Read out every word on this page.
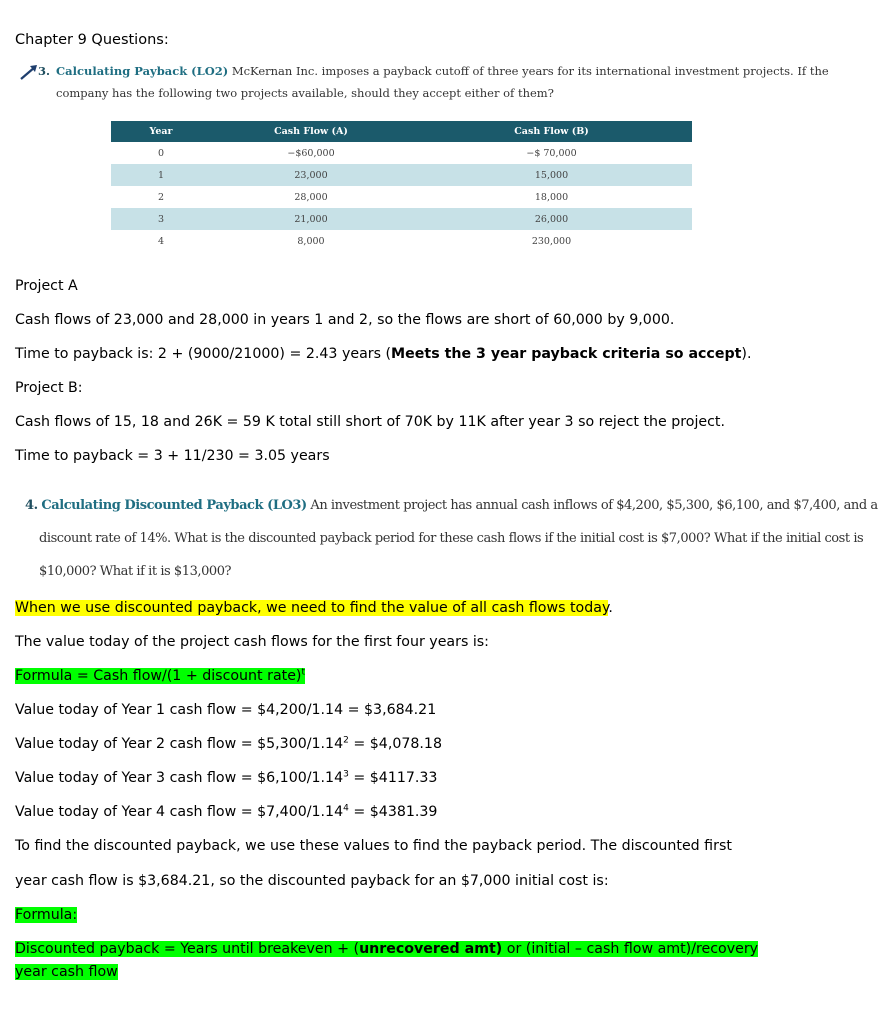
Chapter 9 Questions:
3. Calculating Payback (LO2) McKernan Inc. imposes a payback cutoff of three years for its international investment projects. If the
company has the following two projects available, should they accept either of them?
Year	Cash Flow (A)	Cash Flow (B)
0	−$60,000	−$ 70,000
1	23,000	15,000
2	28,000	18,000
3	21,000	26,000
4	8,000	230,000
Project A
Cash flows of 23,000 and 28,000 in years 1 and 2, so the flows are short of 60,000 by 9,000.
Time to payback is: 2 + (9000/21000) = 2.43 years (Meets the 3 year payback criteria so accept).
Project B:
Cash flows of 15, 18 and 26K = 59 K total still short of 70K by 11K after year 3 so reject the project.
Time to payback = 3 + 11/230 = 3.05 years
4. Calculating Discounted Payback (LO3) An investment project has annual cash inflows of $4,200, $5,300, $6,100, and $7,400, and a
discount rate of 14%. What is the discounted payback period for these cash flows if the initial cost is $7,000? What if the initial cost is
$10,000? What if it is $13,000?
When we use discounted payback, we need to find the value of all cash flows today.
The value today of the project cash flows for the first four years is:
Formula = Cash flow/(1 + discount rate)$^t$
Value today of Year 1 cash flow = $4,200/1.14 = $3,684.21
Value today of Year 2 cash flow = $\$5,300/1.14^2$ = $4,078.18
Value today of Year 3 cash flow = $\$6,100/1.14^3$ = $4117.33
Value today of Year 4 cash flow = $\$7,400/1.14^4$ = $4381.39
To find the discounted payback, we use these values to find the payback period. The discounted first
year cash flow is $3,684.21, so the discounted payback for an $7,000 initial cost is:
Formula:
Discounted payback = Years until breakeven + (unrecovered amt) or (initial – cash flow amt)/recovery
year cash flow
